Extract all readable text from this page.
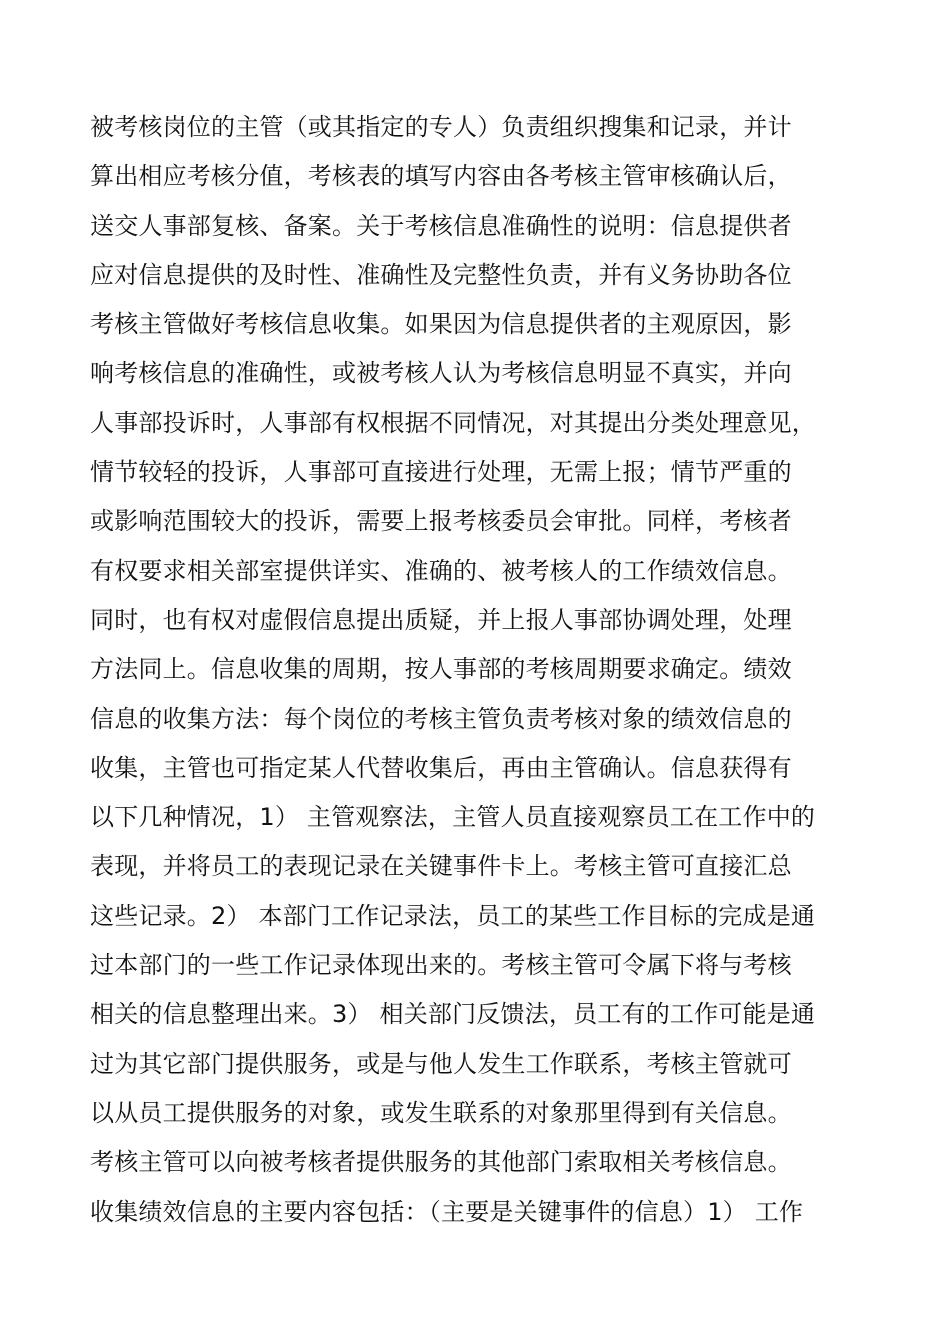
被考核岗位的主管（或其指定的专人）负责组织搜集和记录，并计
算出相应考核分值，考核表的填写内容由各考核主管审核确认后，
送交人事部复核、备案。关于考核信息准确性的说明：信息提供者
应对信息提供的及时性、准确性及完整性负责，并有义务协助各位
考核主管做好考核信息收集。如果因为信息提供者的主观原因，影
响考核信息的准确性，或被考核人认为考核信息明显不真实，并向
人事部投诉时，人事部有权根据不同情况，对其提出分类处理意见，
情节较轻的投诉，人事部可直接进行处理，无需上报；情节严重的
或影响范围较大的投诉，需要上报考核委员会审批。同样，考核者
有权要求相关部室提供详实、准确的、被考核人的工作绩效信息。
同时，也有权对虚假信息提出质疑，并上报人事部协调处理，处理
方法同上。信息收集的周期，按人事部的考核周期要求确定。绩效
信息的收集方法：每个岗位的考核主管负责考核对象的绩效信息的
收集，主管也可指定某人代替收集后，再由主管确认。信息获得有
以下几种情况，1） 主管观察法，主管人员直接观察员工在工作中的
表现，并将员工的表现记录在关键事件卡上。考核主管可直接汇总
这些记录。2） 本部门工作记录法，员工的某些工作目标的完成是通
过本部门的一些工作记录体现出来的。考核主管可令属下将与考核
相关的信息整理出来。3） 相关部门反馈法，员工有的工作可能是通
过为其它部门提供服务，或是与他人发生工作联系，考核主管就可
以从员工提供服务的对象，或发生联系的对象那里得到有关信息。
考核主管可以向被考核者提供服务的其他部门索取相关考核信息。
收集绩效信息的主要内容包括：（主要是关键事件的信息）1） 工作
